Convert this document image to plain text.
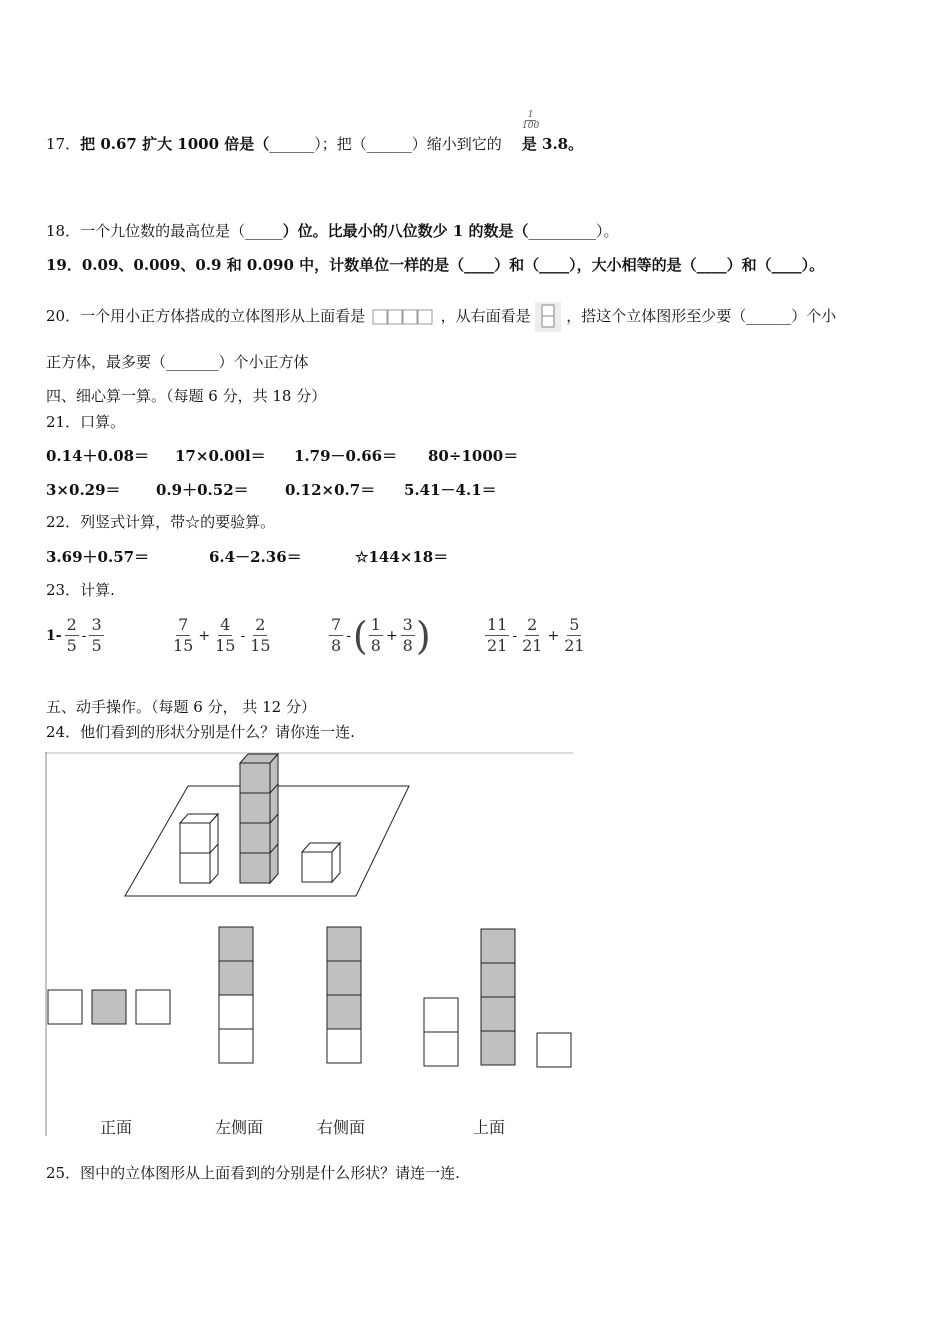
17．把 0.67 扩大 1000 倍是（______）；把（______）缩小到它的 是 3.8。
$\frac{1}{100}$
18．一个九位数的最高位是（_____）位。比最小的八位数少 1 的数是（_________）。
19．0.09、0.009、0.9 和 0.090 中，计数单位一样的是（____）和（____），大小相等的是（____）和（____）。
20．一个用小正方体搭成的立体图形从上面看是	，从右面看是 ，搭这个立体图形至少要（______）个小
正方体，最多要（_______）个小正方体
四、细心算一算。（每题 6 分，共 18 分）
21．口算。
0.14＋0.08＝ 17×0.00l＝ 1.79－0.66＝ 80÷1000＝
3×0.29＝ 0.9＋0.52＝ 0.12×0.7＝ 5.41－4.1＝
22．列竖式计算，带☆的要验算。
3.69＋0.57＝	6.4－2.36＝	☆144×18＝
23．计算.
$1- \frac{2}{5} - \frac{3}{5}$	$\frac{7}{15} + \frac{4}{15} - \frac{2}{15}$	$\frac{7}{8}$ - ( $\frac{1}{8} + \frac{3}{8}$ )	$\frac{11}{21} - \frac{2}{21} + \frac{5}{21}$
五、动手操作。（每题 6 分， 共 12 分）
24．他们看到的形状分别是什么？请你连一连.
正面	左侧面	右侧面	上面
25．图中的立体图形从上面看到的分别是什么形状？请连一连.
